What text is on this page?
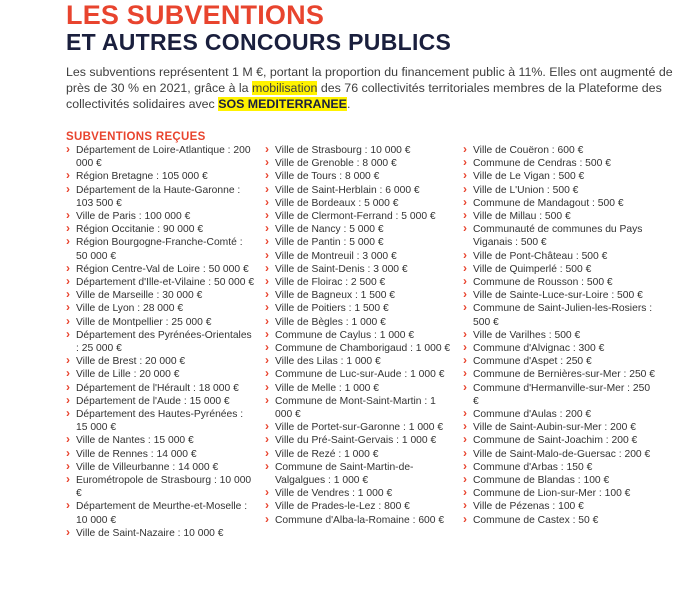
LES SUBVENTIONS
ET AUTRES CONCOURS PUBLICS

Les subventions représentent 1 M €, portant la proportion du financement public à 11%. Elles ont augmenté de près de 30 % en 2021, grâce à la mobilisation des 76 collectivités territoriales membres de la Plateforme des collectivités solidaires avec SOS MEDITERRANEE.

SUBVENTIONS REÇUES
› Département de Loire-Atlantique : 200 000 €
› Région Bretagne : 105 000 €
› Département de la Haute-Garonne : 103 500 €
› Ville de Paris : 100 000 €
› Région Occitanie : 90 000 €
› Région Bourgogne-Franche-Comté : 50 000 €
› Région Centre-Val de Loire : 50 000 €
› Département d'Ille-et-Vilaine : 50 000 €
› Ville de Marseille : 30 000 €
› Ville de Lyon : 28 000 €
› Ville de Montpellier : 25 000 €
› Département des Pyrénées-Orientales : 25 000 €
› Ville de Brest : 20 000 €
› Ville de Lille : 20 000 €
› Département de l'Hérault : 18 000 €
› Département de l'Aude : 15 000 €
› Département des Hautes-Pyrénées : 15 000 €
› Ville de Nantes : 15 000 €
› Ville de Rennes : 14 000 €
› Ville de Villeurbanne : 14 000 €
› Eurométropole de Strasbourg : 10 000 €
› Département de Meurthe-et-Moselle : 10 000 €
› Ville de Saint-Nazaire : 10 000 €
› Ville de Strasbourg : 10 000 €
› Ville de Grenoble : 8 000 €
› Ville de Tours : 8 000 €
› Ville de Saint-Herblain : 6 000 €
› Ville de Bordeaux : 5 000 €
› Ville de Clermont-Ferrand : 5 000 €
› Ville de Nancy : 5 000 €
› Ville de Pantin : 5 000 €
› Ville de Montreuil : 3 000 €
› Ville de Saint-Denis : 3 000 €
› Ville de Floirac : 2 500 €
› Ville de Bagneux : 1 500 €
› Ville de Poitiers : 1 500 €
› Ville de Bègles : 1 000 €
› Commune de Caylus : 1 000 €
› Commune de Chamborigaud : 1 000 €
› Ville des Lilas : 1 000 €
› Commune de Luc-sur-Aude : 1 000 €
› Ville de Melle : 1 000 €
› Commune de Mont-Saint-Martin : 1 000 €
› Ville de Portet-sur-Garonne : 1 000 €
› Ville du Pré-Saint-Gervais : 1 000 €
› Ville de Rezé : 1 000 €
› Commune de Saint-Martin-de-Valgalgues : 1 000 €
› Ville de Vendres : 1 000 €
› Ville de Prades-le-Lez : 800 €
› Commune d'Alba-la-Romaine : 600 €
› Ville de Couëron : 600 €
› Commune de Cendras : 500 €
› Ville de Le Vigan : 500 €
› Ville de L'Union : 500 €
› Commune de Mandagout : 500 €
› Ville de Millau : 500 €
› Communauté de communes du Pays Viganais : 500 €
› Ville de Pont-Château : 500 €
› Ville de Quimperlé : 500 €
› Commune de Rousson : 500 €
› Ville de Sainte-Luce-sur-Loire : 500 €
› Commune de Saint-Julien-les-Rosiers : 500 €
› Ville de Varilhes : 500 €
› Commune d'Alvignac : 300 €
› Commune d'Aspet : 250 €
› Commune de Bernières-sur-Mer : 250 €
› Commune d'Hermanville-sur-Mer : 250 €
› Commune d'Aulas : 200 €
› Ville de Saint-Aubin-sur-Mer : 200 €
› Commune de Saint-Joachim : 200 €
› Ville de Saint-Malo-de-Guersac : 200 €
› Commune d'Arbas : 150 €
› Commune de Blandas : 100 €
› Commune de Lion-sur-Mer : 100 €
› Ville de Pézenas : 100 €
› Commune de Castex : 50 €
